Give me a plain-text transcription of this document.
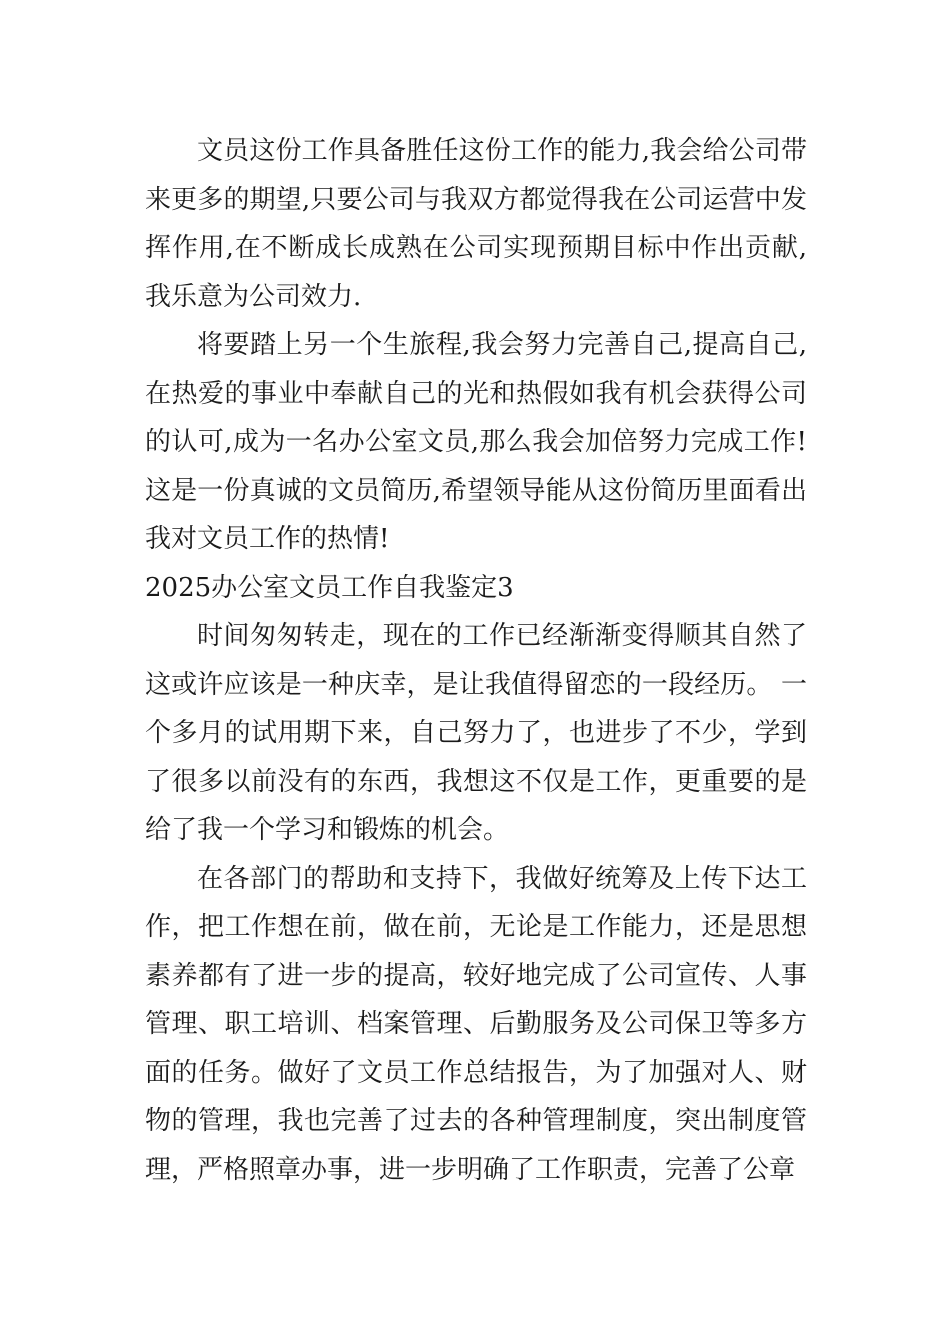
文员这份工作具备胜任这份工作的能力,我会给公司带来更多的期望,只要公司与我双方都觉得我在公司运营中发挥作用,在不断成长成熟在公司实现预期目标中作出贡献,我乐意为公司效力.

将要踏上另一个生旅程,我会努力完善自己,提高自己,在热爱的事业中奉献自己的光和热假如我有机会获得公司的认可,成为一名办公室文员,那么我会加倍努力完成工作!这是一份真诚的文员简历,希望领导能从这份简历里面看出我对文员工作的热情!

2025办公室文员工作自我鉴定3

时间匆匆转走，现在的工作已经渐渐变得顺其自然了这或许应该是一种庆幸，是让我值得留恋的一段经历。 一个多月的试用期下来，自己努力了，也进步了不少，学到了很多以前没有的东西，我想这不仅是工作，更重要的是给了我一个学习和锻炼的机会。

在各部门的帮助和支持下，我做好统筹及上传下达工作，把工作想在前，做在前，无论是工作能力，还是思想素养都有了进一步的提高，较好地完成了公司宣传、人事管理、职工培训、档案管理、后勤服务及公司保卫等多方面的任务。做好了文员工作总结报告，为了加强对人、财物的管理，我也完善了过去的各种管理制度，突出制度管理，严格照章办事，进一步明确了工作职责，完善了公章
